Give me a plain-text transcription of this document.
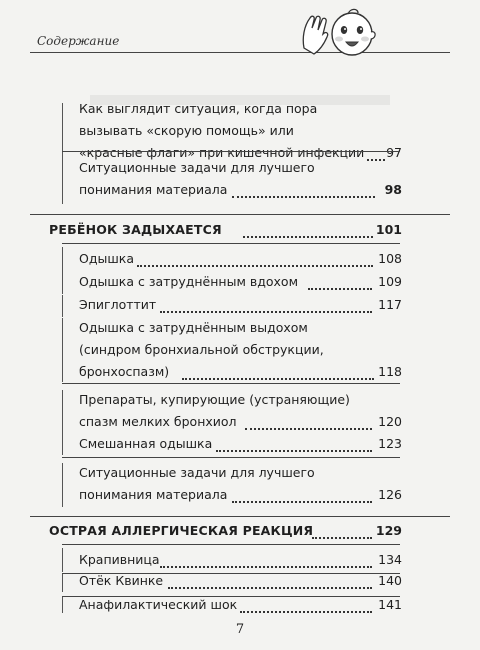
Содержание
Как выглядит ситуация, когда пора
вызывать «скорую помощь» или
«красные флаги» при кишечной инфекции	97
Ситуационные задачи для лучшего
понимания материала	98
РЕБЁНОК ЗАДЫХАЕТСЯ	101
Одышка	108
Одышка с затруднённым вдохом	109
Эпиглоттит	117
Одышка с затруднённым выдохом
(синдром бронхиальной обструкции,
бронхоспазм)	118
Препараты, купирующие (устраняющие)
спазм мелких бронхиол	120
Смешанная одышка	123
Ситуационные задачи для лучшего
понимания материала	126
ОСТРАЯ АЛЛЕРГИЧЕСКАЯ РЕАКЦИЯ	129
Крапивница	134
Отёк Квинке	140
Анафилактический шок	141
7
